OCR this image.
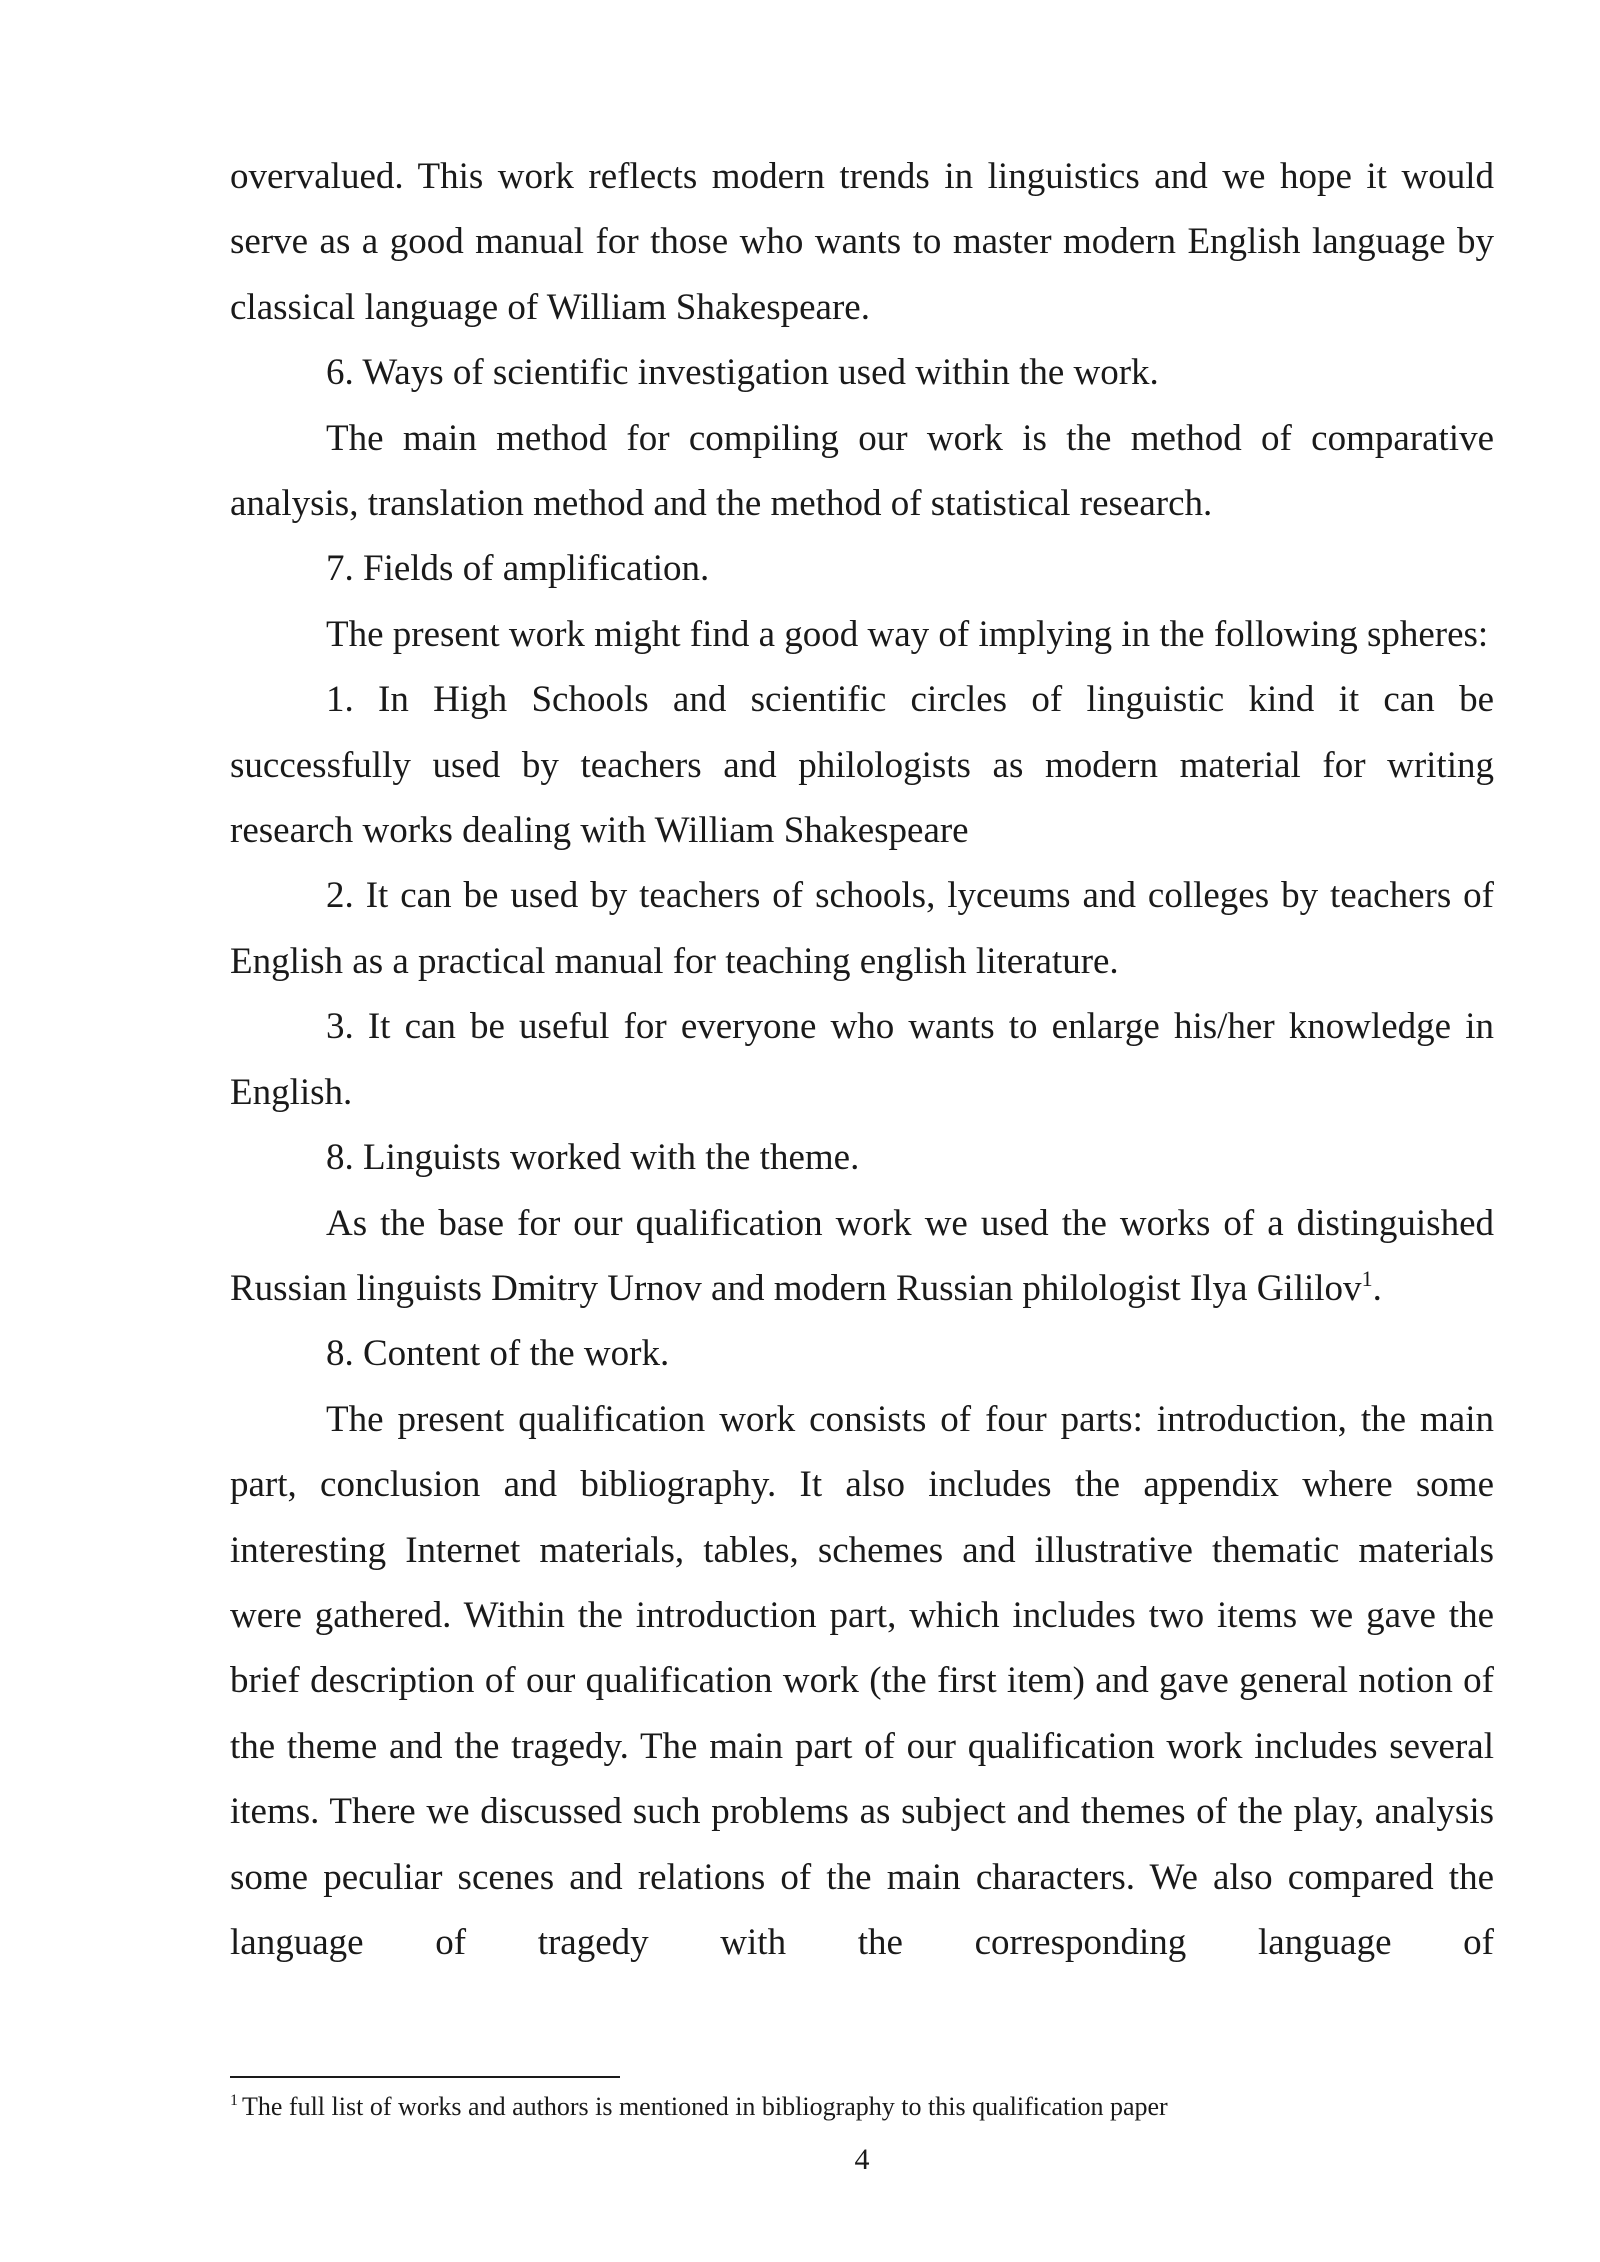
overvalued. This work reflects modern trends in linguistics and we hope it would serve as a good manual for those who wants to master modern English language by classical language of William Shakespeare.

6. Ways of scientific investigation used within the work.

The main method for compiling our work is the method of comparative analysis, translation method and the method of statistical research.

7. Fields of amplification.

The present work might find a good way of implying in the following spheres:

1. In High Schools and scientific circles of linguistic kind it can be successfully used by teachers and philologists as modern material for writing research works dealing with William Shakespeare

2. It can be used by teachers of schools, lyceums and colleges by teachers of English as a practical manual for teaching english literature.

3. It can be useful for everyone who wants to enlarge his/her knowledge in English.

8. Linguists worked with the theme.

As the base for our qualification work we used the works of a distinguished Russian linguists Dmitry Urnov and modern Russian philologist Ilya Gililov$^1$.

8. Content of the work.

The present qualification work consists of four parts: introduction, the main part, conclusion and bibliography. It also includes the appendix where some interesting Internet materials, tables, schemes and illustrative thematic materials were gathered. Within the introduction part, which includes two items we gave the brief description of our qualification work (the first item) and gave general notion of the theme and the tragedy. The main part of our qualification work includes several items. There we discussed such problems as subject and themes of the play, analysis some peculiar scenes and relations of the main characters. We also compared the language of tragedy with the corresponding language of

$^1$ The full list of works and authors is mentioned in bibliography to this qualification paper
4
